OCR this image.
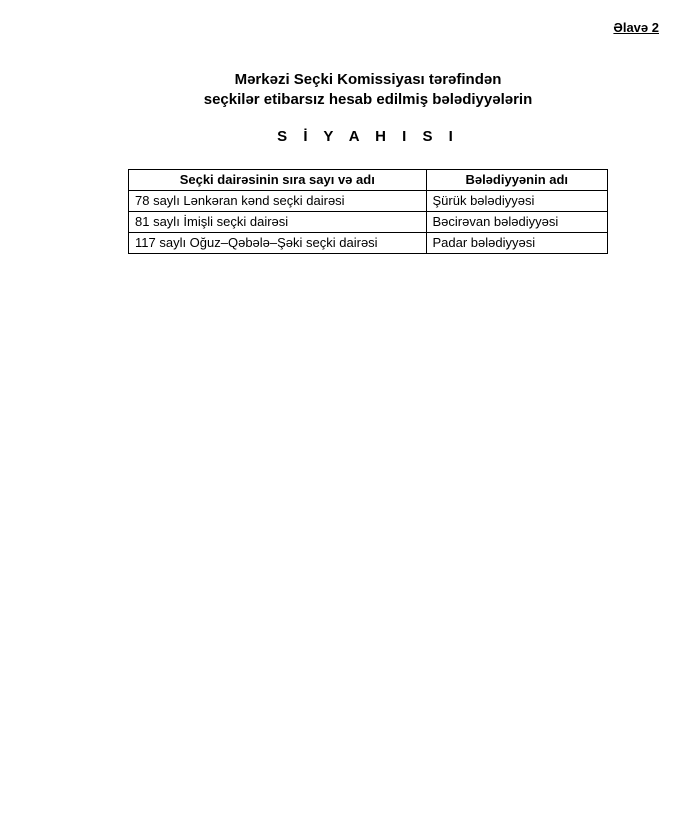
Əlavə 2
Mərkəzi Seçki Komissiyası tərəfindən
seçkilər etibarsız hesab edilmiş bələdiyyələrin
S İ Y A H I S I
Seçki dairəsinin sıra sayı və adı	Bələdiyyənin adı
78 saylı Lənkəran kənd seçki dairəsi	Şürük bələdiyyəsi
81 saylı İmişli seçki dairəsi	Bəcirəvan bələdiyyəsi
117 saylı Oğuz–Qəbələ–Şəki seçki dairəsi	Padar bələdiyyəsi
